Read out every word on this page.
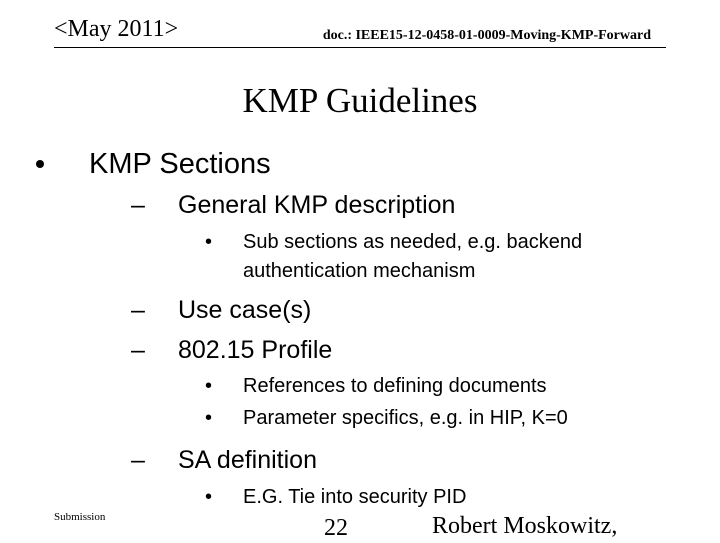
<May 2011>	doc.: IEEE15-12-0458-01-0009-Moving-KMP-Forward
KMP Guidelines
KMP Sections
– General KMP description
• Sub sections as needed, e.g. backend
authentication mechanism
– Use case(s)
– 802.15 Profile
• References to defining documents
• Parameter specifics, e.g. in HIP, K=0
– SA definition
• E.G. Tie into security PID
Submission	22	Robert Moskowitz,
